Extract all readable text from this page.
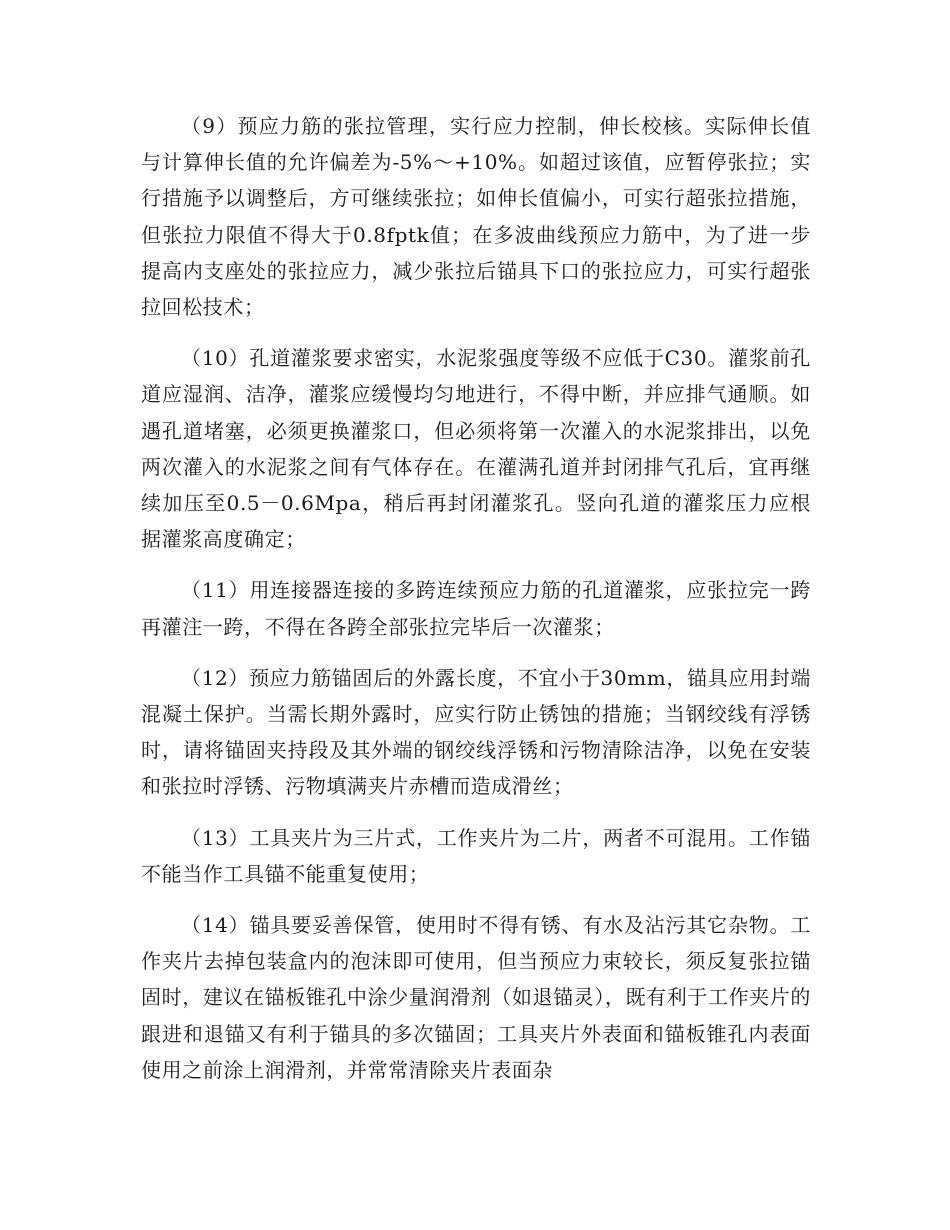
（9）预应力筋的张拉管理，实行应力控制，伸长校核。实际伸长值与计算伸长值的允许偏差为-5%～+10%。如超过该值，应暂停张拉；实行措施予以调整后，方可继续张拉；如伸长值偏小，可实行超张拉措施，但张拉力限值不得大于0.8fptk值；在多波曲线预应力筋中，为了进一步提高内支座处的张拉应力，减少张拉后锚具下口的张拉应力，可实行超张拉回松技术；

（10）孔道灌浆要求密实，水泥浆强度等级不应低于C30。灌浆前孔道应湿润、洁净，灌浆应缓慢均匀地进行，不得中断，并应排气通顺。如遇孔道堵塞，必须更换灌浆口，但必须将第一次灌入的水泥浆排出，以免两次灌入的水泥浆之间有气体存在。在灌满孔道并封闭排气孔后，宜再继续加压至0.5－0.6Mpa，稍后再封闭灌浆孔。竖向孔道的灌浆压力应根据灌浆高度确定；

（11）用连接器连接的多跨连续预应力筋的孔道灌浆，应张拉完一跨再灌注一跨，不得在各跨全部张拉完毕后一次灌浆；

（12）预应力筋锚固后的外露长度，不宜小于30mm，锚具应用封端混凝土保护。当需长期外露时，应实行防止锈蚀的措施；当钢绞线有浮锈时，请将锚固夹持段及其外端的钢绞线浮锈和污物清除洁净，以免在安装和张拉时浮锈、污物填满夹片赤槽而造成滑丝；

（13）工具夹片为三片式，工作夹片为二片，两者不可混用。工作锚不能当作工具锚不能重复使用；

（14）锚具要妥善保管，使用时不得有锈、有水及沾污其它杂物。工作夹片去掉包装盒内的泡沫即可使用，但当预应力束较长，须反复张拉锚固时，建议在锚板锥孔中涂少量润滑剂（如退锚灵），既有利于工作夹片的跟进和退锚又有利于锚具的多次锚固；工具夹片外表面和锚板锥孔内表面使用之前涂上润滑剂，并常常清除夹片表面杂
